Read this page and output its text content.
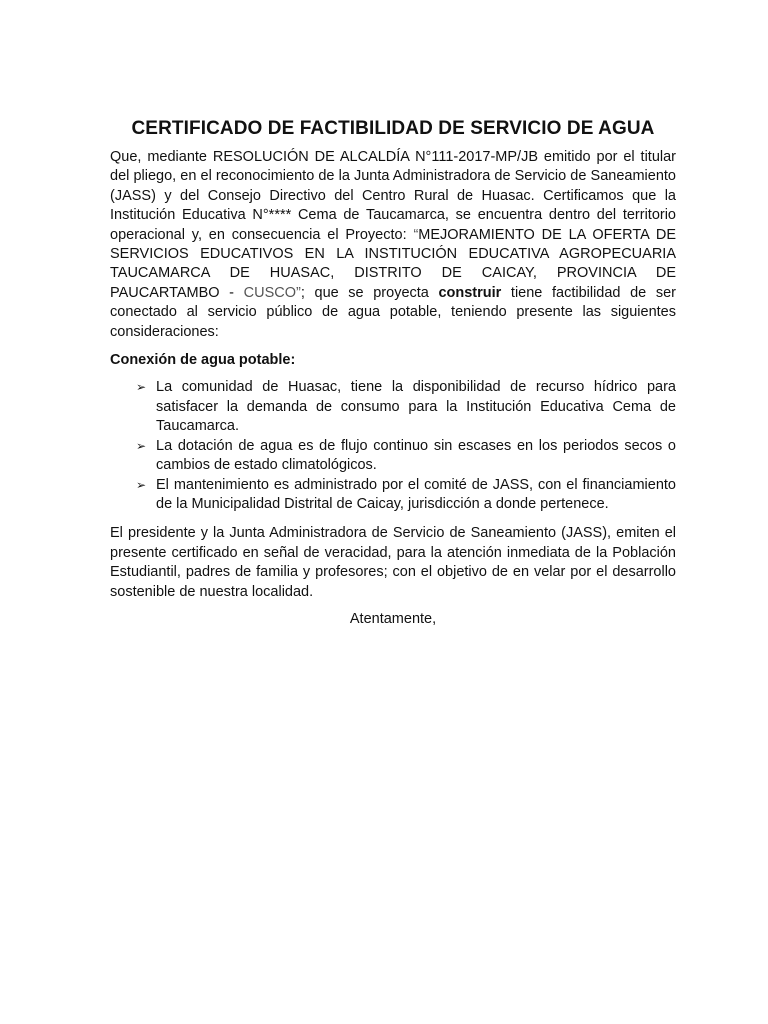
CERTIFICADO DE FACTIBILIDAD DE SERVICIO DE AGUA

Que, mediante RESOLUCIÓN DE ALCALDÍA N°111-2017-MP/JB emitido por el titular del pliego, en el reconocimiento de la Junta Administradora de Servicio de Saneamiento (JASS) y del Consejo Directivo del Centro Rural de Huasac. Certificamos que la Institución Educativa N°**** Cema de Taucamarca, se encuentra dentro del territorio operacional y, en consecuencia el Proyecto: “MEJORAMIENTO DE LA OFERTA DE SERVICIOS EDUCATIVOS EN LA INSTITUCIÓN EDUCATIVA AGROPECUARIA TAUCAMARCA DE HUASAC, DISTRITO DE CAICAY, PROVINCIA DE PAUCARTAMBO - CUSCO”; que se proyecta construir tiene factibilidad de ser conectado al servicio público de agua potable, teniendo presente las siguientes consideraciones:

Conexión de agua potable:

➢ La comunidad de Huasac, tiene la disponibilidad de recurso hídrico para satisfacer la demanda de consumo para la Institución Educativa Cema de Taucamarca.
➢ La dotación de agua es de flujo continuo sin escases en los periodos secos o cambios de estado climatológicos.
➢ El mantenimiento es administrado por el comité de JASS, con el financiamiento de la Municipalidad Distrital de Caicay, jurisdicción a donde pertenece.

El presidente y la Junta Administradora de Servicio de Saneamiento (JASS), emiten el presente certificado en señal de veracidad, para la atención inmediata de la Población Estudiantil, padres de familia y profesores; con el objetivo de en velar por el desarrollo sostenible de nuestra localidad.

Atentamente,
